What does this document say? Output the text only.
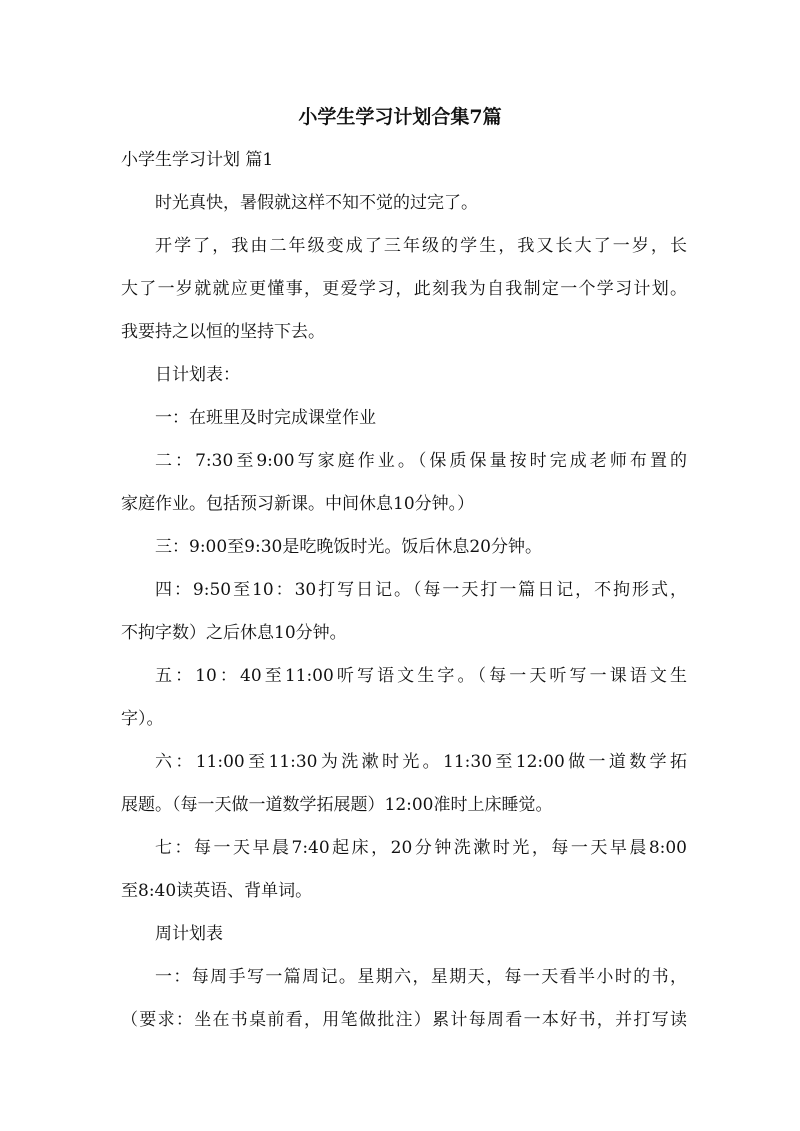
小学生学习计划合集7篇

小学生学习计划 篇1

时光真快，暑假就这样不知不觉的过完了。

开学了，我由二年级变成了三年级的学生，我又长大了一岁，长

大了一岁就就应更懂事，更爱学习，此刻我为自我制定一个学习计划。

我要持之以恒的坚持下去。

日计划表：

一：在班里及时完成课堂作业

二：7:30至9:00写家庭作业。（保质保量按时完成老师布置的

家庭作业。包括预习新课。中间休息10分钟。）

三：9:00至9:30是吃晚饭时光。饭后休息20分钟。

四：9:50至10：30打写日记。（每一天打一篇日记，不拘形式，

不拘字数）之后休息10分钟。

五：10：40至11:00听写语文生字。（每一天听写一课语文生

字）。

六：11:00至11:30为洗漱时光。11:30至12:00做一道数学拓

展题。（每一天做一道数学拓展题）12:00准时上床睡觉。

七：每一天早晨7:40起床，20分钟洗漱时光，每一天早晨8:00

至8:40读英语、背单词。

周计划表

一：每周手写一篇周记。星期六，星期天，每一天看半小时的书，

（要求：坐在书桌前看，用笔做批注）累计每周看一本好书，并打写读
